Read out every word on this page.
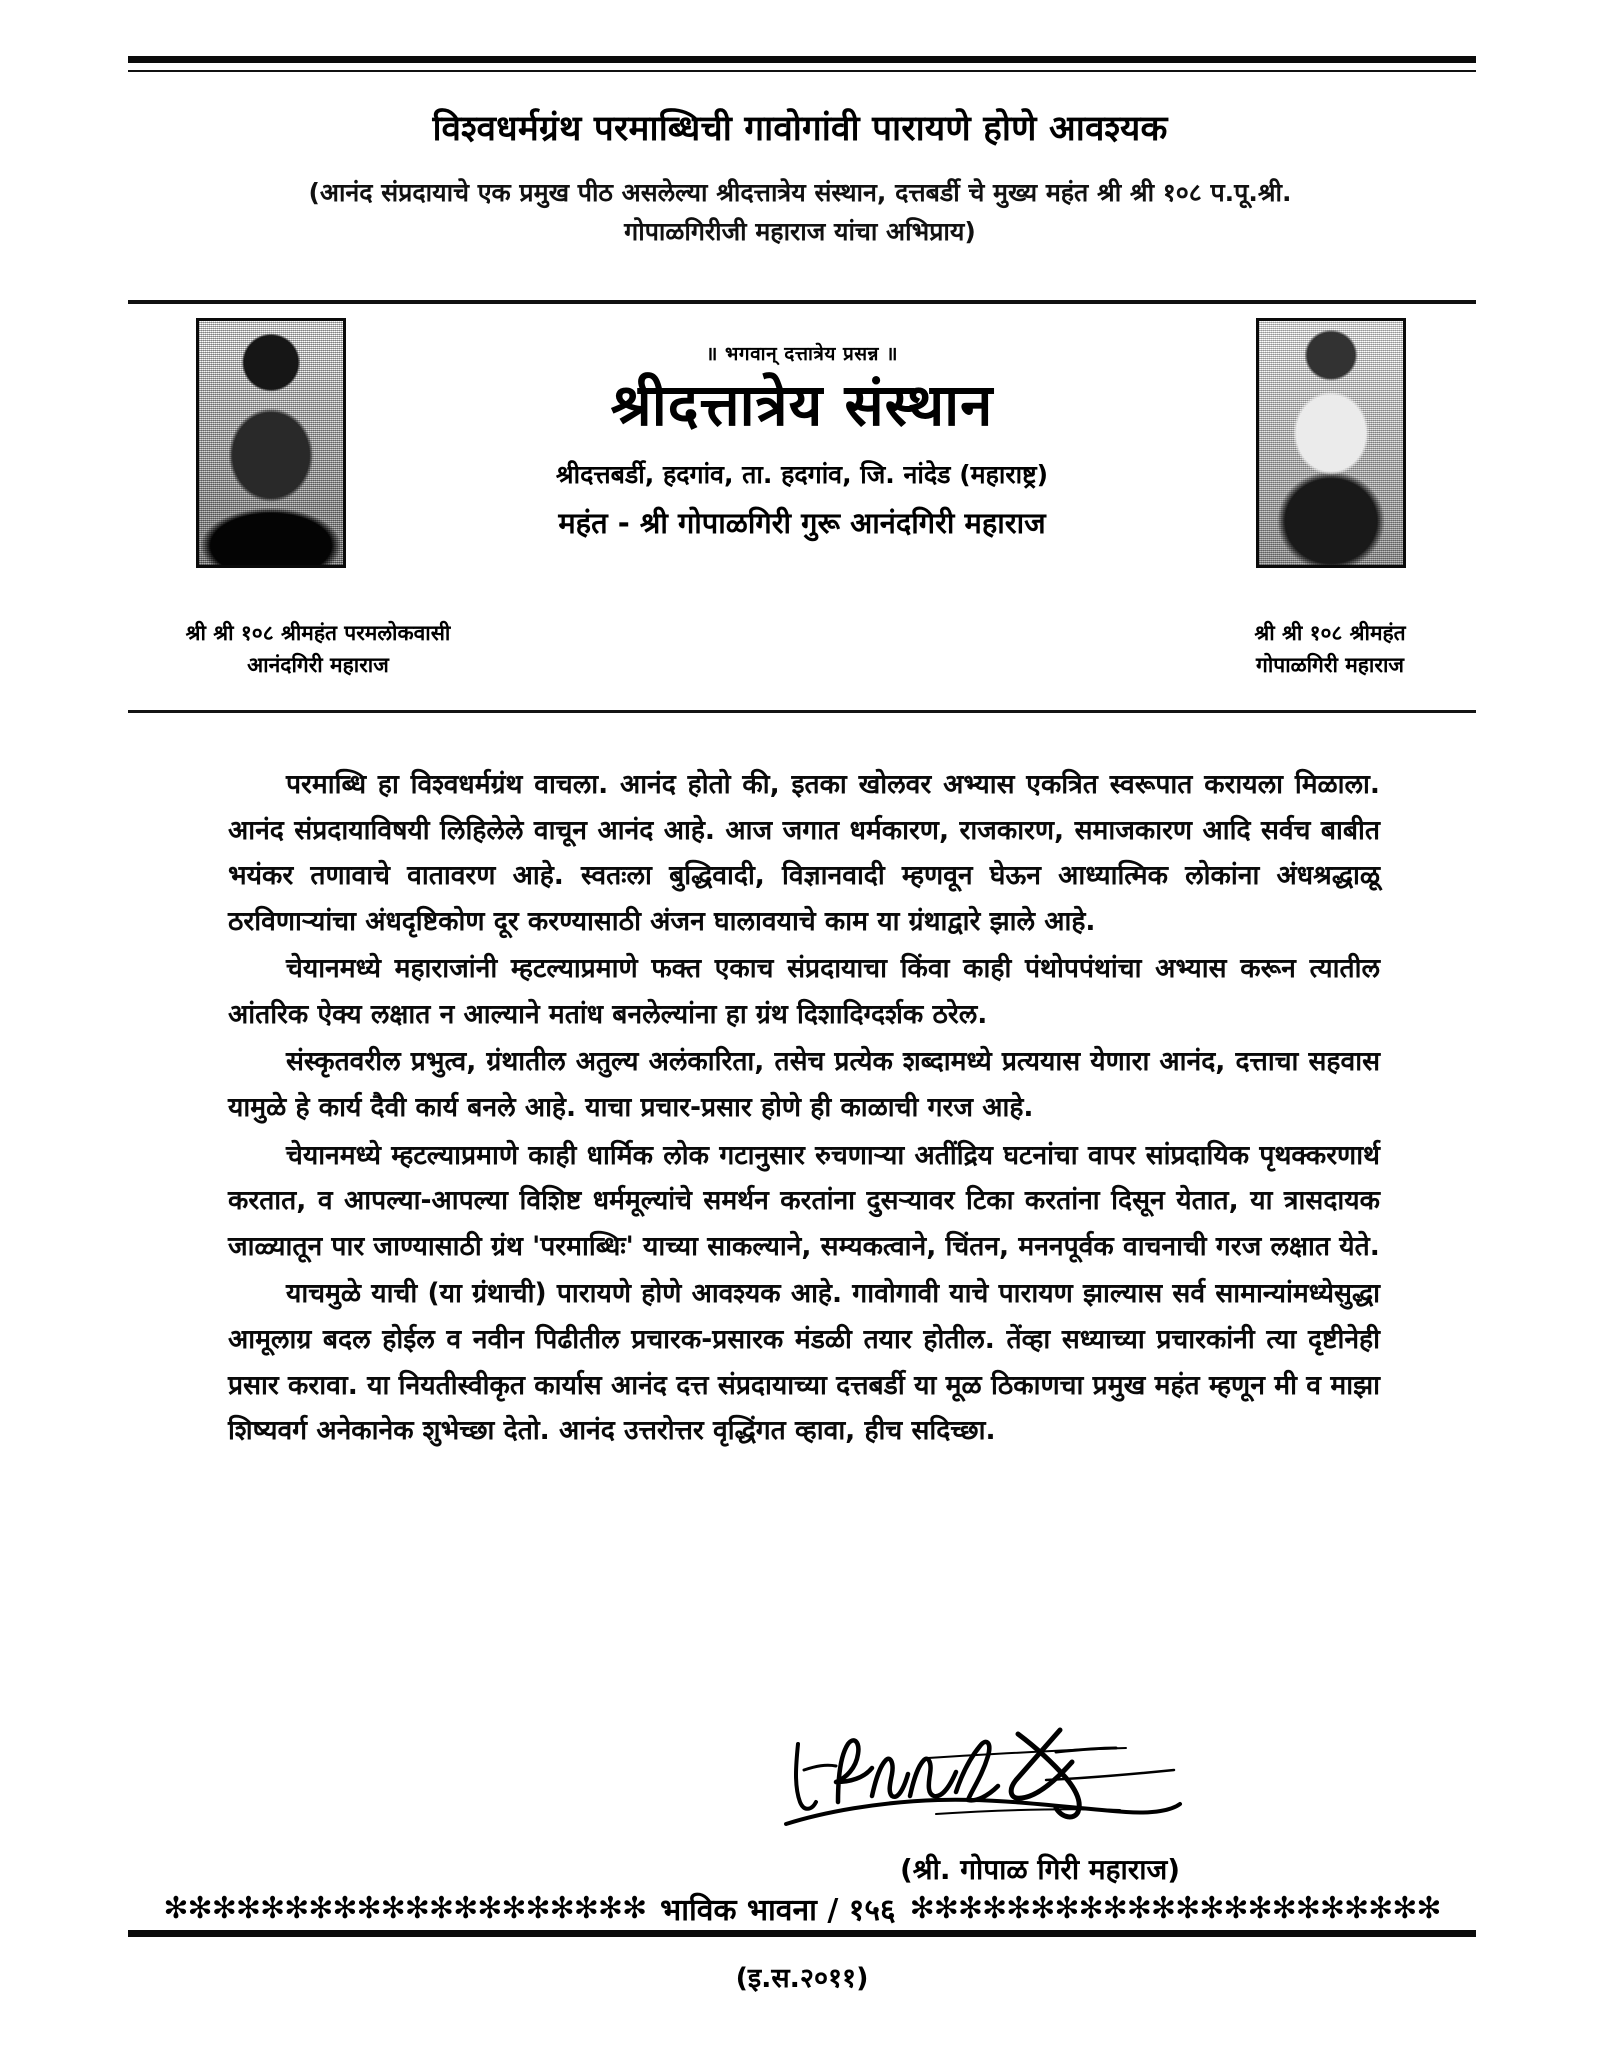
विश्वधर्मग्रंथ परमाब्धिची गावोगांवी पारायणे होणे आवश्यक
(आनंद संप्रदायाचे एक प्रमुख पीठ असलेल्या श्रीदत्तात्रेय संस्थान, दत्तबर्डी चे मुख्य महंत श्री श्री १०८ प.पू.श्री.
गोपाळगिरीजी महाराज यांचा अभिप्राय)
॥ भगवान् दत्तात्रेय प्रसन्न ॥
श्रीदत्तात्रेय संस्थान
श्रीदत्तबर्डी, हदगांव, ता. हदगांव, जि. नांदेड (महाराष्ट्र)
महंत - श्री गोपाळगिरी गुरू आनंदगिरी महाराज
श्री श्री १०८ श्रीमहंत परमलोकवासी
आनंदगिरी महाराज
श्री श्री १०८ श्रीमहंत
गोपाळगिरी महाराज

परमाब्धि हा विश्वधर्मग्रंथ वाचला. आनंद होतो की, इतका खोलवर अभ्यास एकत्रित स्वरूपात करायला मिळाला. आनंद संप्रदायाविषयी लिहिलेले वाचून आनंद आहे. आज जगात धर्मकारण, राजकारण, समाजकारण आदि सर्वच बाबीत भयंकर तणावाचे वातावरण आहे. स्वतःला बुद्धिवादी, विज्ञानवादी म्हणवून घेऊन आध्यात्मिक लोकांना अंधश्रद्धाळू ठरविणाऱ्यांचा अंधदृष्टिकोण दूर करण्यासाठी अंजन घालावयाचे काम या ग्रंथाद्वारे झाले आहे.

चेयानमध्ये महाराजांनी म्हटल्याप्रमाणे फक्त एकाच संप्रदायाचा किंवा काही पंथोपपंथांचा अभ्यास करून त्यातील आंतरिक ऐक्य लक्षात न आल्याने मतांध बनलेल्यांना हा ग्रंथ दिशादिग्दर्शक ठरेल.

संस्कृतवरील प्रभुत्व, ग्रंथातील अतुल्य अलंकारिता, तसेच प्रत्येक शब्दामध्ये प्रत्ययास येणारा आनंद, दत्ताचा सहवास यामुळे हे कार्य दैवी कार्य बनले आहे. याचा प्रचार-प्रसार होणे ही काळाची गरज आहे.

चेयानमध्ये म्हटल्याप्रमाणे काही धार्मिक लोक गटानुसार रुचणाऱ्या अतींद्रिय घटनांचा वापर सांप्रदायिक पृथक्करणार्थ करतात, व आपल्या-आपल्या विशिष्ट धर्ममूल्यांचे समर्थन करतांना दुसऱ्यावर टिका करतांना दिसून येतात, या त्रासदायक जाळ्यातून पार जाण्यासाठी ग्रंथ 'परमाब्धिः' याच्या साकल्याने, सम्यकत्वाने, चिंतन, मननपूर्वक वाचनाची गरज लक्षात येते.

याचमुळे याची (या ग्रंथाची) पारायणे होणे आवश्यक आहे. गावोगावी याचे पारायण झाल्यास सर्व सामान्यांमध्येसुद्धा आमूलाग्र बदल होईल व नवीन पिढीतील प्रचारक-प्रसारक मंडळी तयार होतील. तेंव्हा सध्याच्या प्रचारकांनी त्या दृष्टीनेही प्रसार करावा. या नियतीस्वीकृत कार्यास आनंद दत्त संप्रदायाच्या दत्तबर्डी या मूळ ठिकाणचा प्रमुख महंत म्हणून मी व माझा शिष्यवर्ग अनेकानेक शुभेच्छा देतो. आनंद उत्तरोत्तर वृद्धिंगत व्हावा, हीच सदिच्छा.

(श्री. गोपाळ गिरी महाराज)
✻✻✻✻✻✻✻✻✻✻✻✻✻✻✻✻✻✻✻✻ भाविक भावना / १५६ ✻✻✻✻✻✻✻✻✻✻✻✻✻✻✻✻✻✻✻✻✻✻
(इ.स.२०११)
